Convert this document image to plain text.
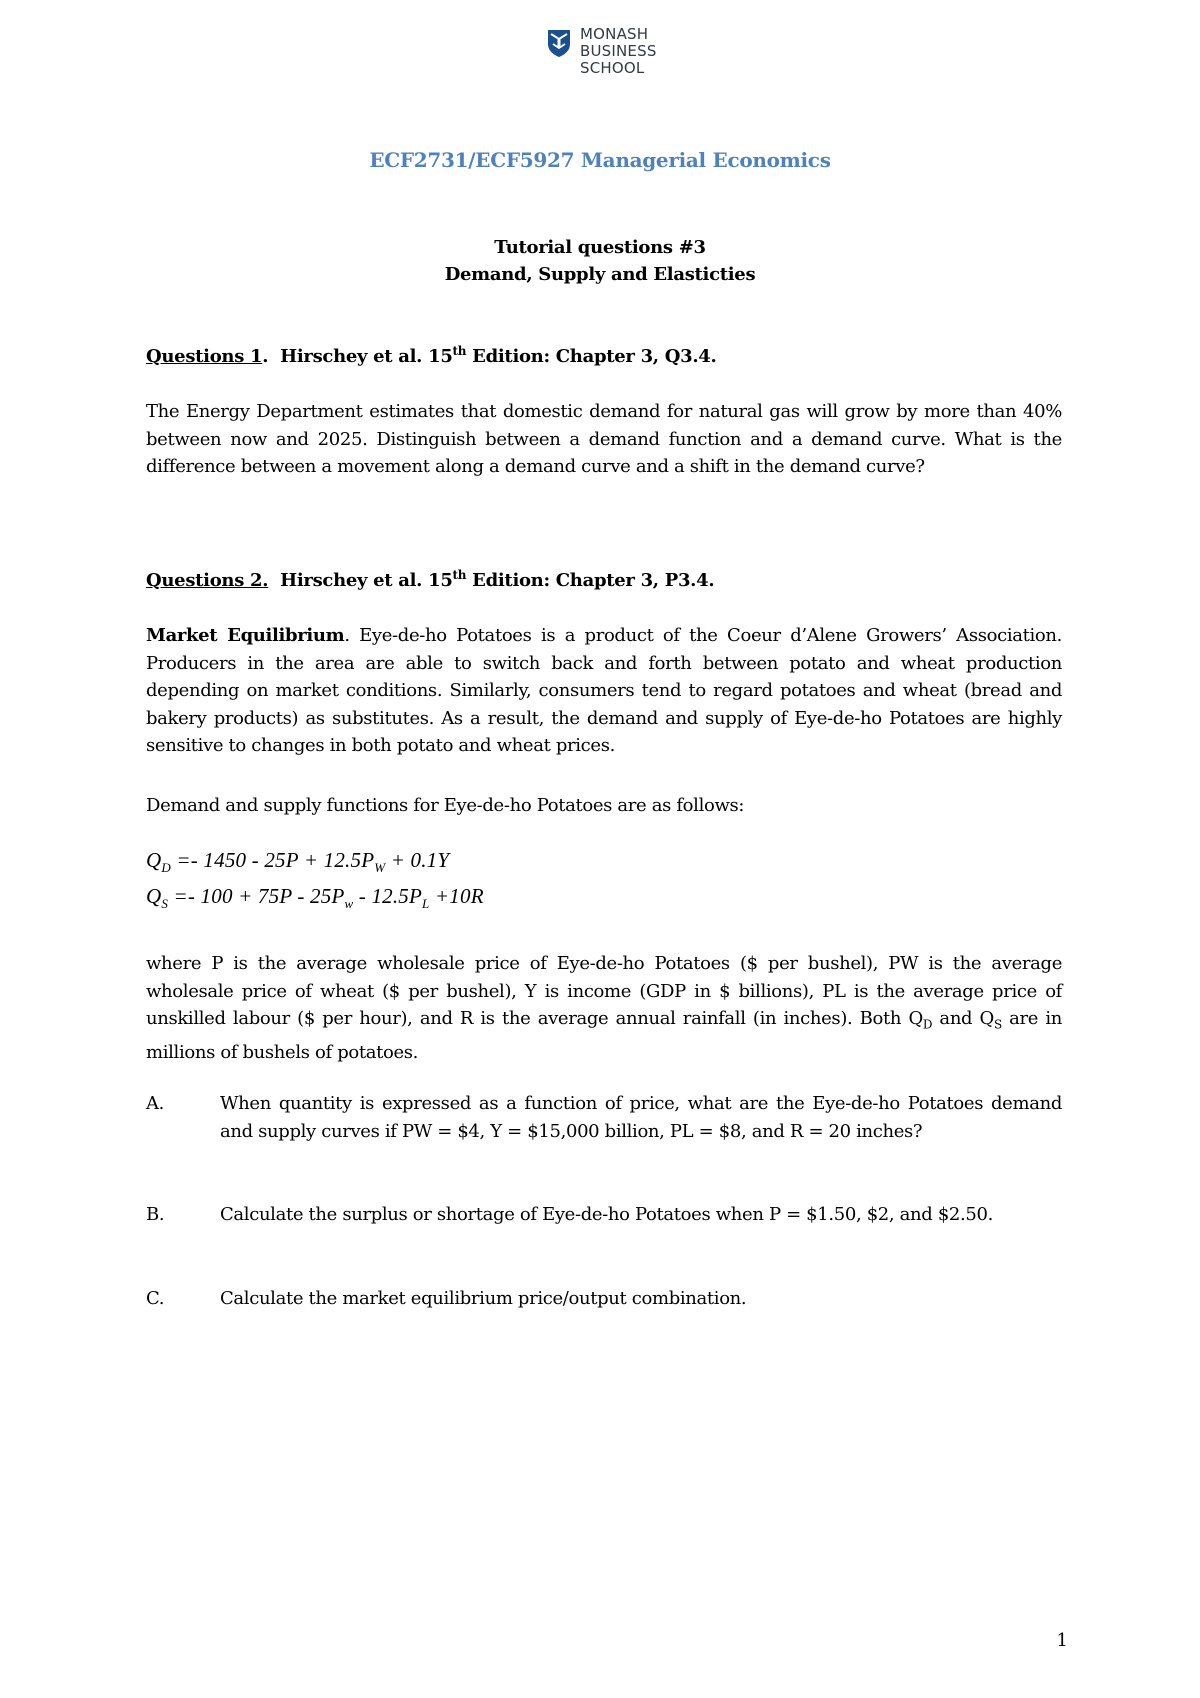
MONASH
BUSINESS
SCHOOL
ECF2731/ECF5927 Managerial Economics
Tutorial questions #3
Demand, Supply and Elasticties
Questions 1.  Hirschey et al. 15th Edition: Chapter 3, Q3.4.
The Energy Department estimates that domestic demand for natural gas will grow by more than 40% between now and 2025. Distinguish between a demand function and a demand curve. What is the difference between a movement along a demand curve and a shift in the demand curve?
Questions 2. Hirschey et al. 15th Edition: Chapter 3, P3.4.
Market Equilibrium. Eye-de-ho Potatoes is a product of the Coeur d’Alene Growers’ Association. Producers in the area are able to switch back and forth between potato and wheat production depending on market conditions. Similarly, consumers tend to regard potatoes and wheat (bread and bakery products) as substitutes. As a result, the demand and supply of Eye-de-ho Potatoes are highly sensitive to changes in both potato and wheat prices.
Demand and supply functions for Eye-de-ho Potatoes are as follows:
$Q_D =- 1450 - 25P + 12.5P_W + 0.1Y$
$Q_S =- 100 + 75P - 25P_w - 12.5P_L +10R$
where P is the average wholesale price of Eye-de-ho Potatoes ($ per bushel), PW is the average wholesale price of wheat ($ per bushel), Y is income (GDP in $ billions), PL is the average price of unskilled labour ($ per hour), and R is the average annual rainfall (in inches). Both $Q_D$ and $Q_S$ are in millions of bushels of potatoes.
A.	When quantity is expressed as a function of price, what are the Eye-de-ho Potatoes demand and supply curves if PW = $4, Y = $15,000 billion, PL = $8, and R = 20 inches?
B.	Calculate the surplus or shortage of Eye-de-ho Potatoes when P = $1.50, $2, and $2.50.
C.	Calculate the market equilibrium price/output combination.
1
